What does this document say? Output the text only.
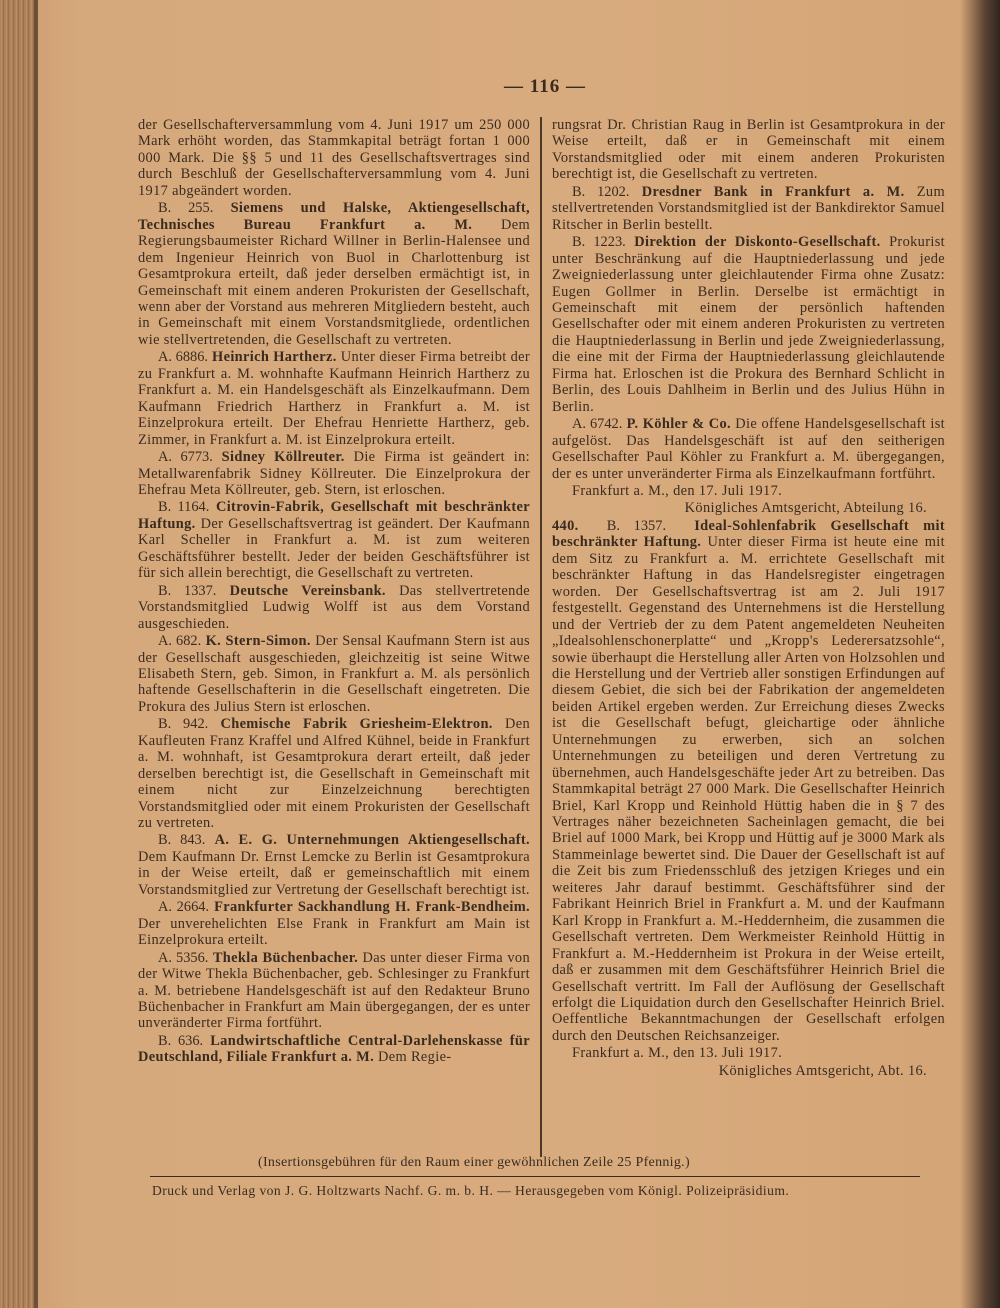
— 116 —

der Gesellschafterversammlung vom 4. Juni 1917 um 250 000 Mark erhöht worden, das Stammkapital beträgt fortan 1 000 000 Mark. Die §§ 5 und 11 des Gesellschaftsvertrages sind durch Beschluß der Gesellschafterversammlung vom 4. Juni 1917 abgeändert worden.

B. 255. Siemens und Halske, Aktiengesellschaft, Technisches Bureau Frankfurt a. M. Dem Regierungsbaumeister Richard Willner in Berlin-Halensee und dem Ingenieur Heinrich von Buol in Charlottenburg ist Gesamtprokura erteilt, daß jeder derselben ermächtigt ist, in Gemeinschaft mit einem anderen Prokuristen der Gesellschaft, wenn aber der Vorstand aus mehreren Mitgliedern besteht, auch in Gemeinschaft mit einem Vorstandsmitgliede, ordentlichen wie stellvertretenden, die Gesellschaft zu vertreten.

A. 6886. Heinrich Hartherz. Unter dieser Firma betreibt der zu Frankfurt a. M. wohnhafte Kaufmann Heinrich Hartherz zu Frankfurt a. M. ein Handelsgeschäft als Einzelkaufmann. Dem Kaufmann Friedrich Hartherz in Frankfurt a. M. ist Einzelprokura erteilt. Der Ehefrau Henriette Hartherz, geb. Zimmer, in Frankfurt a. M. ist Einzelprokura erteilt.

A. 6773. Sidney Köllreuter. Die Firma ist geändert in: Metallwarenfabrik Sidney Köllreuter. Die Einzelprokura der Ehefrau Meta Köllreuter, geb. Stern, ist erloschen.

B. 1164. Citrovin-Fabrik, Gesellschaft mit beschränkter Haftung. Der Gesellschaftsvertrag ist geändert. Der Kaufmann Karl Scheller in Frankfurt a. M. ist zum weiteren Geschäftsführer bestellt. Jeder der beiden Geschäftsführer ist für sich allein berechtigt, die Gesellschaft zu vertreten.

B. 1337. Deutsche Vereinsbank. Das stellvertretende Vorstandsmitglied Ludwig Wolff ist aus dem Vorstand ausgeschieden.

A. 682. K. Stern-Simon. Der Sensal Kaufmann Stern ist aus der Gesellschaft ausgeschieden, gleichzeitig ist seine Witwe Elisabeth Stern, geb. Simon, in Frankfurt a. M. als persönlich haftende Gesellschafterin in die Gesellschaft eingetreten. Die Prokura des Julius Stern ist erloschen.

B. 942. Chemische Fabrik Griesheim-Elektron. Den Kaufleuten Franz Kraffel und Alfred Kühnel, beide in Frankfurt a. M. wohnhaft, ist Gesamtprokura derart erteilt, daß jeder derselben berechtigt ist, die Gesellschaft in Gemeinschaft mit einem nicht zur Einzelzeichnung berechtigten Vorstandsmitglied oder mit einem Prokuristen der Gesellschaft zu vertreten.

B. 843. A. E. G. Unternehmungen Aktiengesellschaft. Dem Kaufmann Dr. Ernst Lemcke zu Berlin ist Gesamtprokura in der Weise erteilt, daß er gemeinschaftlich mit einem Vorstandsmitglied zur Vertretung der Gesellschaft berechtigt ist.

A. 2664. Frankfurter Sackhandlung H. Frank-Bendheim. Der unverehelichten Else Frank in Frankfurt am Main ist Einzelprokura erteilt.

A. 5356. Thekla Büchenbacher. Das unter dieser Firma von der Witwe Thekla Büchenbacher, geb. Schlesinger zu Frankfurt a. M. betriebene Handelsgeschäft ist auf den Redakteur Bruno Büchenbacher in Frankfurt am Main übergegangen, der es unter unveränderter Firma fortführt.

B. 636. Landwirtschaftliche Central-Darlehenskasse für Deutschland, Filiale Frankfurt a. M. Dem Regie-

rungsrat Dr. Christian Raug in Berlin ist Gesamtprokura in der Weise erteilt, daß er in Gemeinschaft mit einem Vorstandsmitglied oder mit einem anderen Prokuristen berechtigt ist, die Gesellschaft zu vertreten.

B. 1202. Dresdner Bank in Frankfurt a. M. Zum stellvertretenden Vorstandsmitglied ist der Bankdirektor Samuel Ritscher in Berlin bestellt.

B. 1223. Direktion der Diskonto-Gesellschaft. Prokurist unter Beschränkung auf die Hauptniederlassung und jede Zweigniederlassung unter gleichlautender Firma ohne Zusatz: Eugen Gollmer in Berlin. Derselbe ist ermächtigt in Gemeinschaft mit einem der persönlich haftenden Gesellschafter oder mit einem anderen Prokuristen zu vertreten die Hauptniederlassung in Berlin und jede Zweigniederlassung, die eine mit der Firma der Hauptniederlassung gleichlautende Firma hat. Erloschen ist die Prokura des Bernhard Schlicht in Berlin, des Louis Dahlheim in Berlin und des Julius Hühn in Berlin.

A. 6742. P. Köhler & Co. Die offene Handelsgesellschaft ist aufgelöst. Das Handelsgeschäft ist auf den seitherigen Gesellschafter Paul Köhler zu Frankfurt a. M. übergegangen, der es unter unveränderter Firma als Einzelkaufmann fortführt.

Frankfurt a. M., den 17. Juli 1917.

Königliches Amtsgericht, Abteilung 16.

440. B. 1357. Ideal-Sohlenfabrik Gesellschaft mit beschränkter Haftung. Unter dieser Firma ist heute eine mit dem Sitz zu Frankfurt a. M. errichtete Gesellschaft mit beschränkter Haftung in das Handelsregister eingetragen worden. Der Gesellschaftsvertrag ist am 2. Juli 1917 festgestellt. Gegenstand des Unternehmens ist die Herstellung und der Vertrieb der zu dem Patent angemeldeten Neuheiten „Idealsohlenschonerplatte“ und „Kropp's Lederersatzsohle“, sowie überhaupt die Herstellung aller Arten von Holzsohlen und die Herstellung und der Vertrieb aller sonstigen Erfindungen auf diesem Gebiet, die sich bei der Fabrikation der angemeldeten beiden Artikel ergeben werden. Zur Erreichung dieses Zwecks ist die Gesellschaft befugt, gleichartige oder ähnliche Unternehmungen zu erwerben, sich an solchen Unternehmungen zu beteiligen und deren Vertretung zu übernehmen, auch Handelsgeschäfte jeder Art zu betreiben. Das Stammkapital beträgt 27 000 Mark. Die Gesellschafter Heinrich Briel, Karl Kropp und Reinhold Hüttig haben die in § 7 des Vertrages näher bezeichneten Sacheinlagen gemacht, die bei Briel auf 1000 Mark, bei Kropp und Hüttig auf je 3000 Mark als Stammeinlage bewertet sind. Die Dauer der Gesellschaft ist auf die Zeit bis zum Friedensschluß des jetzigen Krieges und ein weiteres Jahr darauf bestimmt. Geschäftsführer sind der Fabrikant Heinrich Briel in Frankfurt a. M. und der Kaufmann Karl Kropp in Frankfurt a. M.-Heddernheim, die zusammen die Gesellschaft vertreten. Dem Werkmeister Reinhold Hüttig in Frankfurt a. M.-Heddernheim ist Prokura in der Weise erteilt, daß er zusammen mit dem Geschäftsführer Heinrich Briel die Gesellschaft vertritt. Im Fall der Auflösung der Gesellschaft erfolgt die Liquidation durch den Gesellschafter Heinrich Briel. Oeffentliche Bekanntmachungen der Gesellschaft erfolgen durch den Deutschen Reichsanzeiger.

Frankfurt a. M., den 13. Juli 1917.

Königliches Amtsgericht, Abt. 16.

(Insertionsgebühren für den Raum einer gewöhnlichen Zeile 25 Pfennig.)
Druck und Verlag von J. G. Holtzwarts Nachf. G. m. b. H. — Herausgegeben vom Königl. Polizeipräsidium.
